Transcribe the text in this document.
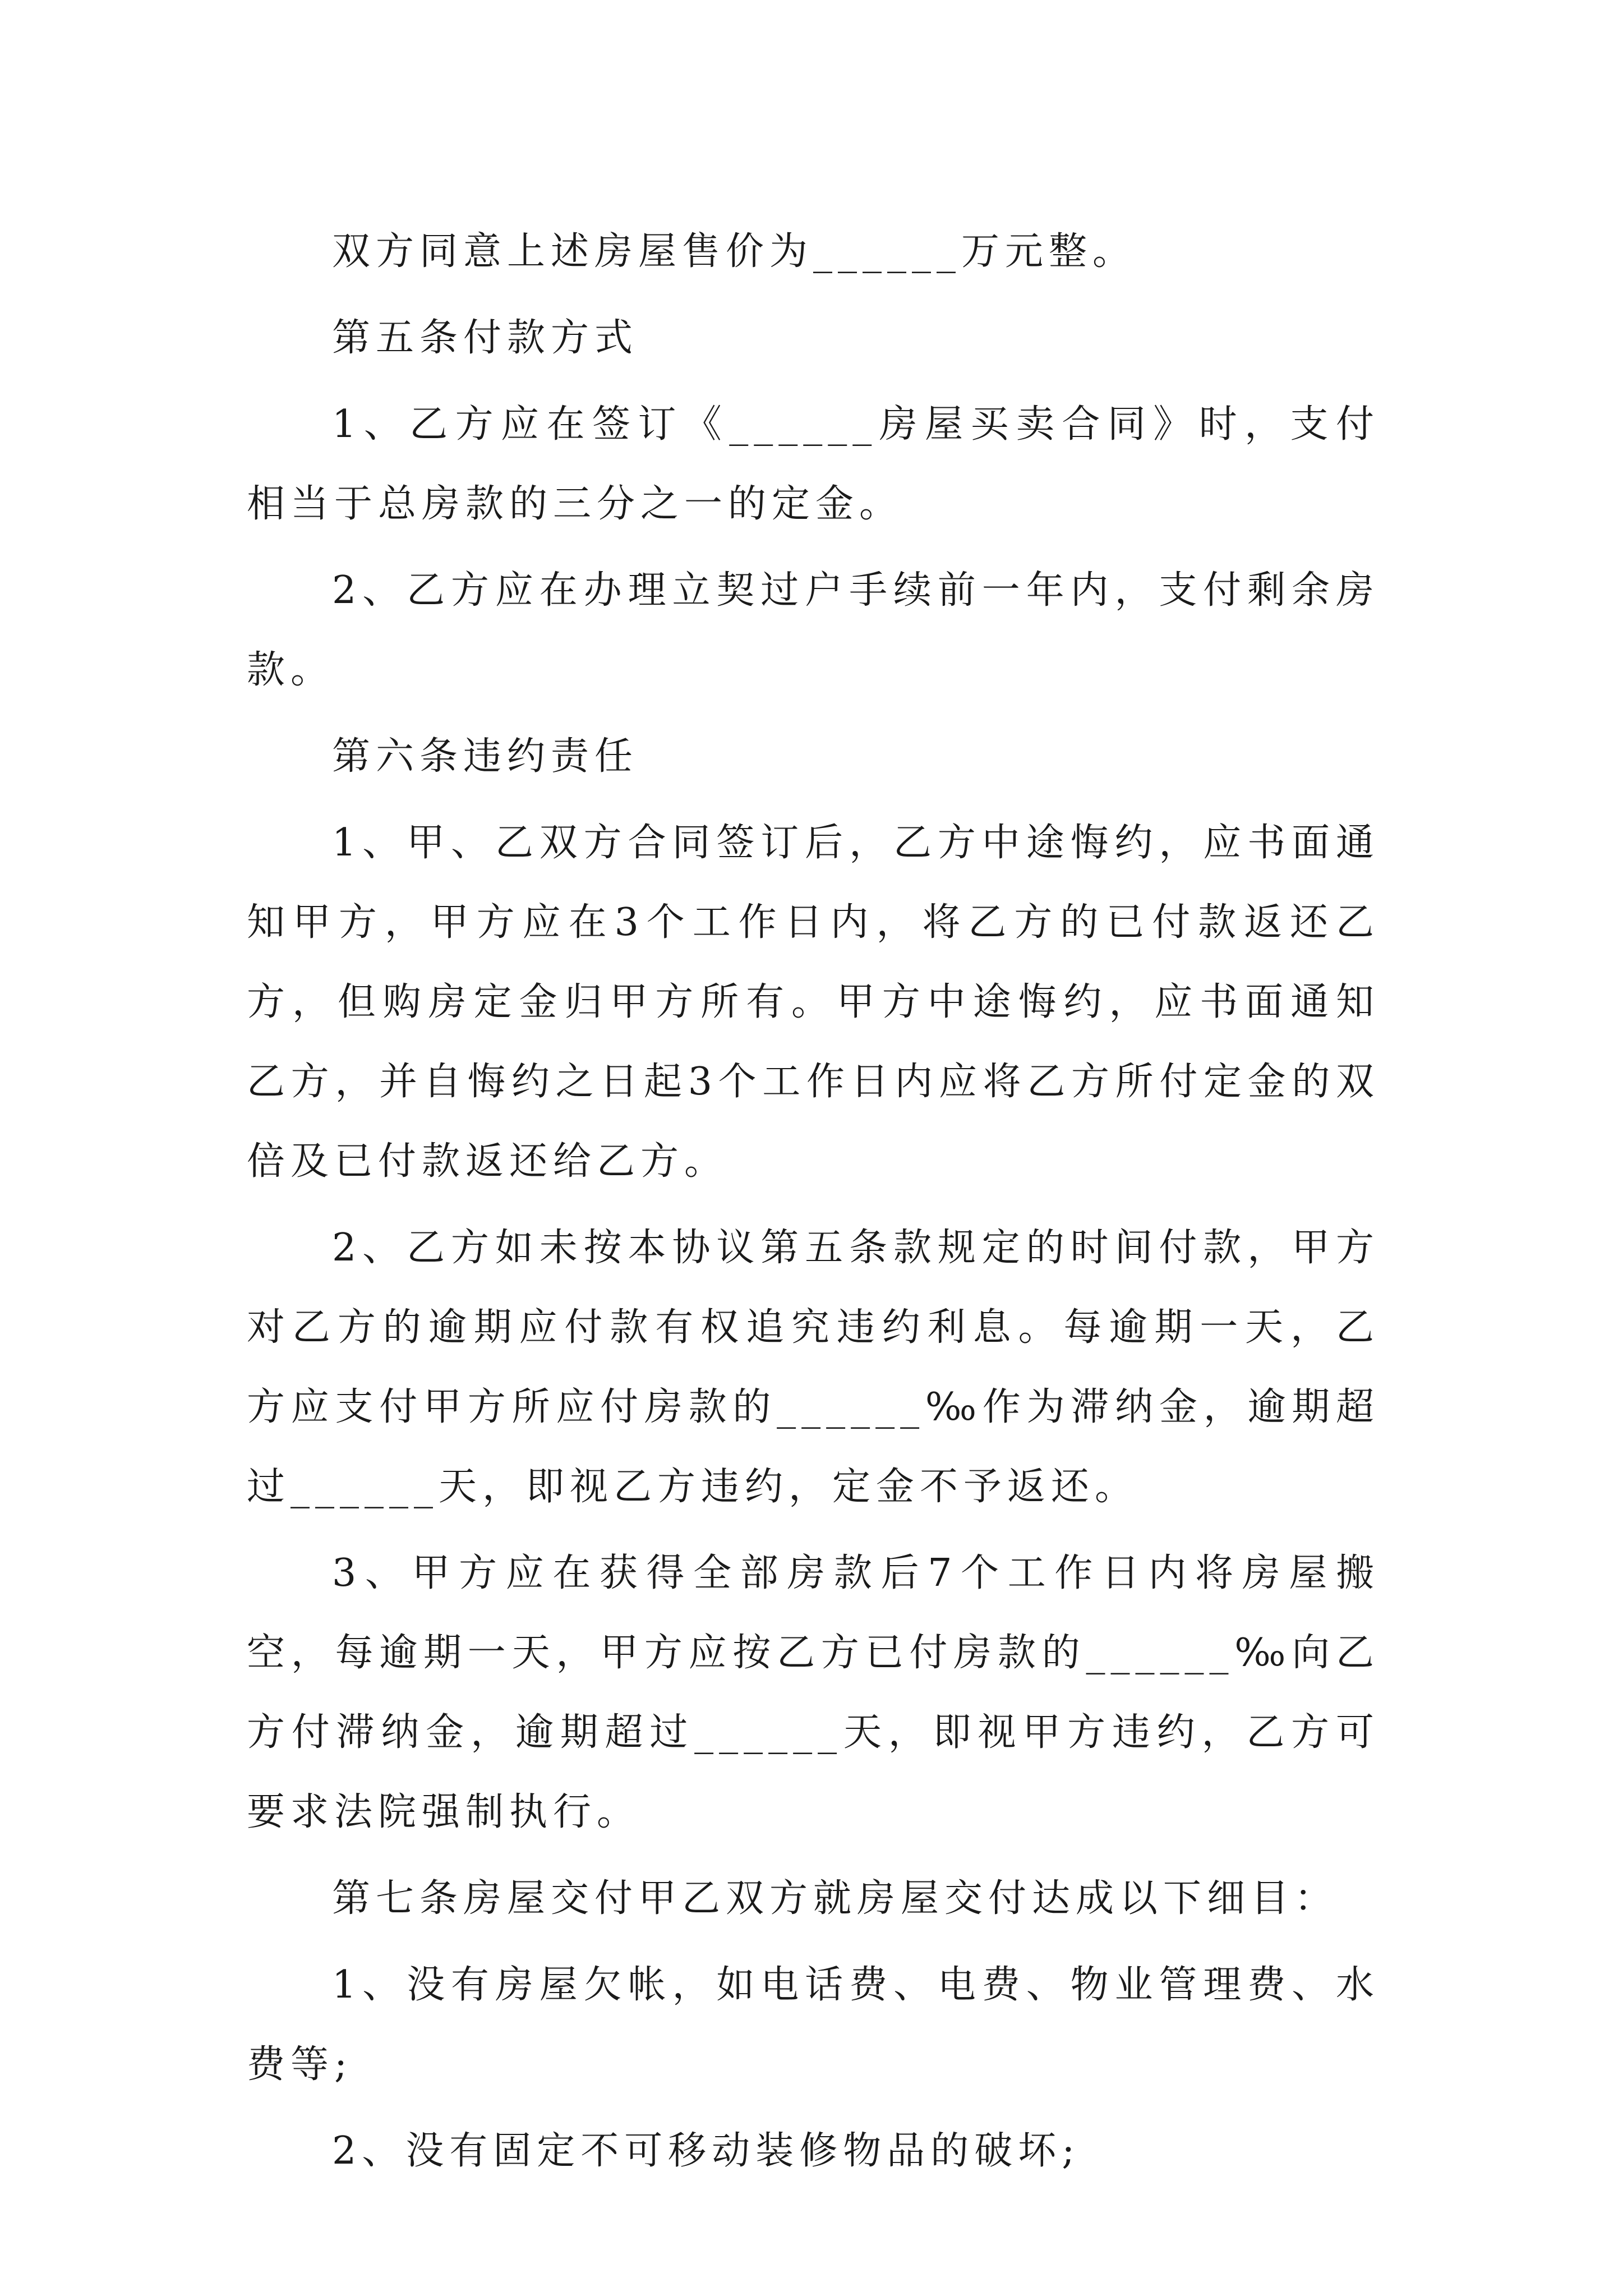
双方同意上述房屋售价为______万元整。

第五条付款方式

1、乙方应在签订《______房屋买卖合同》时，支付相当于总房款的三分之一的定金。

2、乙方应在办理立契过户手续前一年内，支付剩余房款。

第六条违约责任

1、甲、乙双方合同签订后，乙方中途悔约，应书面通知甲方，甲方应在3个工作日内，将乙方的已付款返还乙方，但购房定金归甲方所有。甲方中途悔约，应书面通知乙方，并自悔约之日起3个工作日内应将乙方所付定金的双倍及已付款返还给乙方。

2、乙方如未按本协议第五条款规定的时间付款，甲方对乙方的逾期应付款有权追究违约利息。每逾期一天，乙方应支付甲方所应付房款的______‰作为滞纳金，逾期超过______天，即视乙方违约，定金不予返还。

3、甲方应在获得全部房款后7个工作日内将房屋搬空，每逾期一天，甲方应按乙方已付房款的______‰向乙方付滞纳金，逾期超过______天，即视甲方违约，乙方可要求法院强制执行。

第七条房屋交付甲乙双方就房屋交付达成以下细目：

1、没有房屋欠帐，如电话费、电费、物业管理费、水费等;

2、没有固定不可移动装修物品的破坏;
